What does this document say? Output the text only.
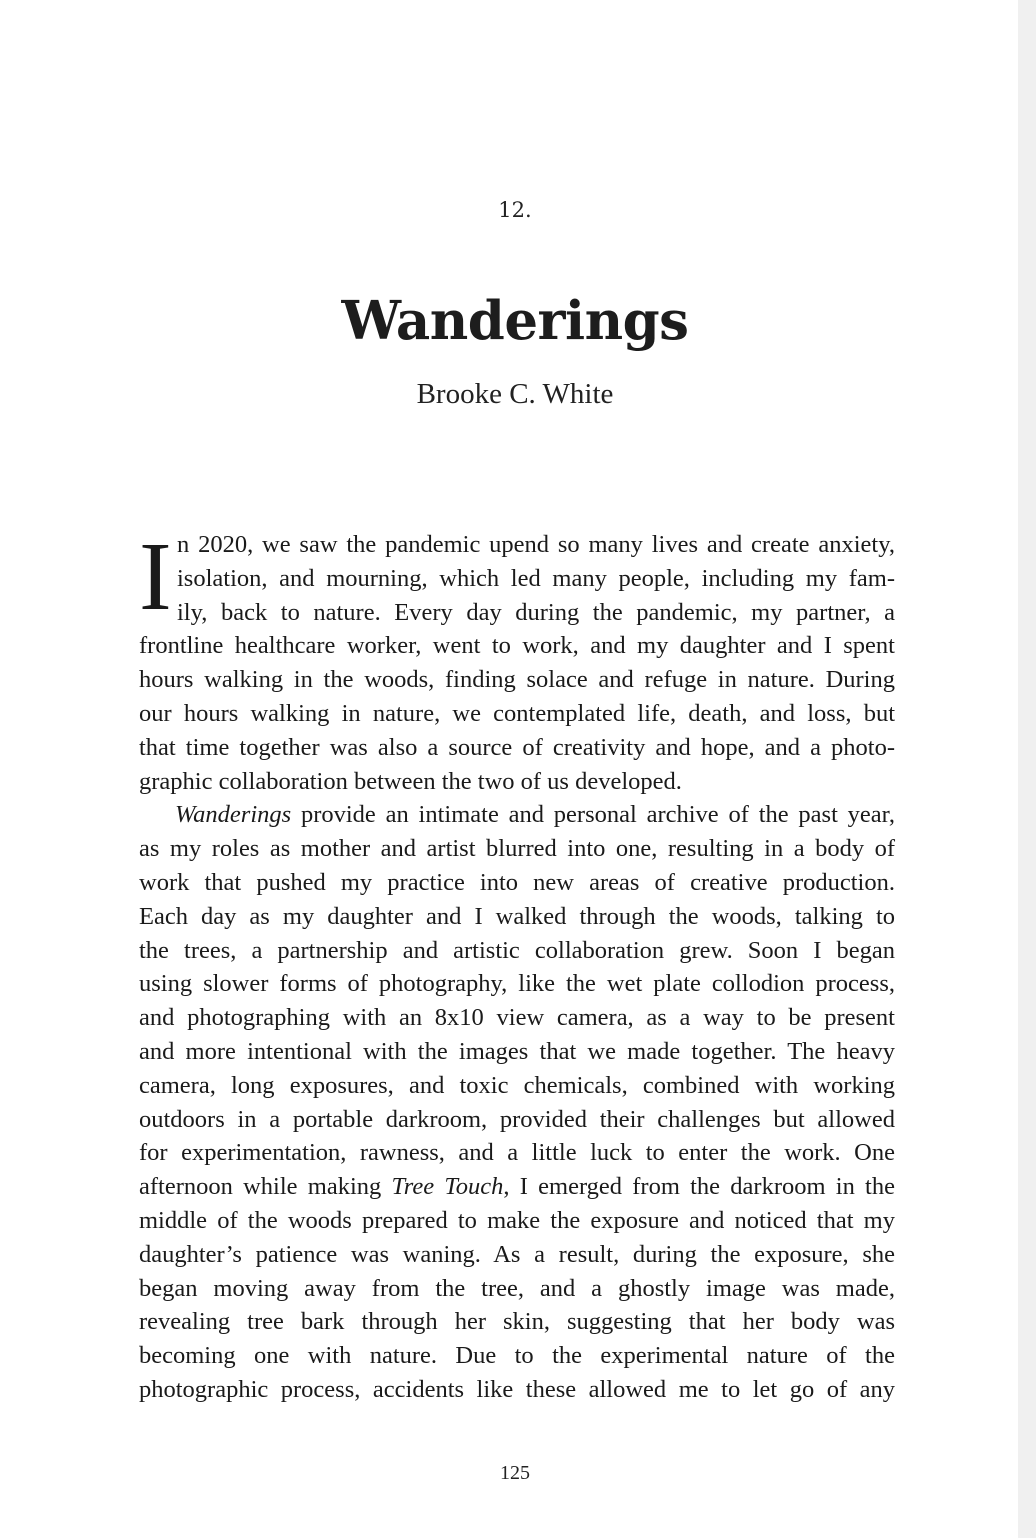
12.
Wanderings
Brooke C. White
I n 2020, we saw the pandemic upend so many lives and create anxiety,
isolation, and mourning, which led many people, including my fam-
ily, back to nature. Every day during the pandemic, my partner, a
frontline healthcare worker, went to work, and my daughter and I spent
hours walking in the woods, finding solace and refuge in nature. During
our hours walking in nature, we contemplated life, death, and loss, but
that time together was also a source of creativity and hope, and a photo-
graphic collaboration between the two of us developed.
Wanderings provide an intimate and personal archive of the past year,
as my roles as mother and artist blurred into one, resulting in a body of
work that pushed my practice into new areas of creative production.
Each day as my daughter and I walked through the woods, talking to
the trees, a partnership and artistic collaboration grew. Soon I began
using slower forms of photography, like the wet plate collodion process,
and photographing with an 8x10 view camera, as a way to be present
and more intentional with the images that we made together. The heavy
camera, long exposures, and toxic chemicals, combined with working
outdoors in a portable darkroom, provided their challenges but allowed
for experimentation, rawness, and a little luck to enter the work. One
afternoon while making Tree Touch, I emerged from the darkroom in the
middle of the woods prepared to make the exposure and noticed that my
daughter’s patience was waning. As a result, during the exposure, she
began moving away from the tree, and a ghostly image was made,
revealing tree bark through her skin, suggesting that her body was
becoming one with nature. Due to the experimental nature of the
photographic process, accidents like these allowed me to let go of any
125
